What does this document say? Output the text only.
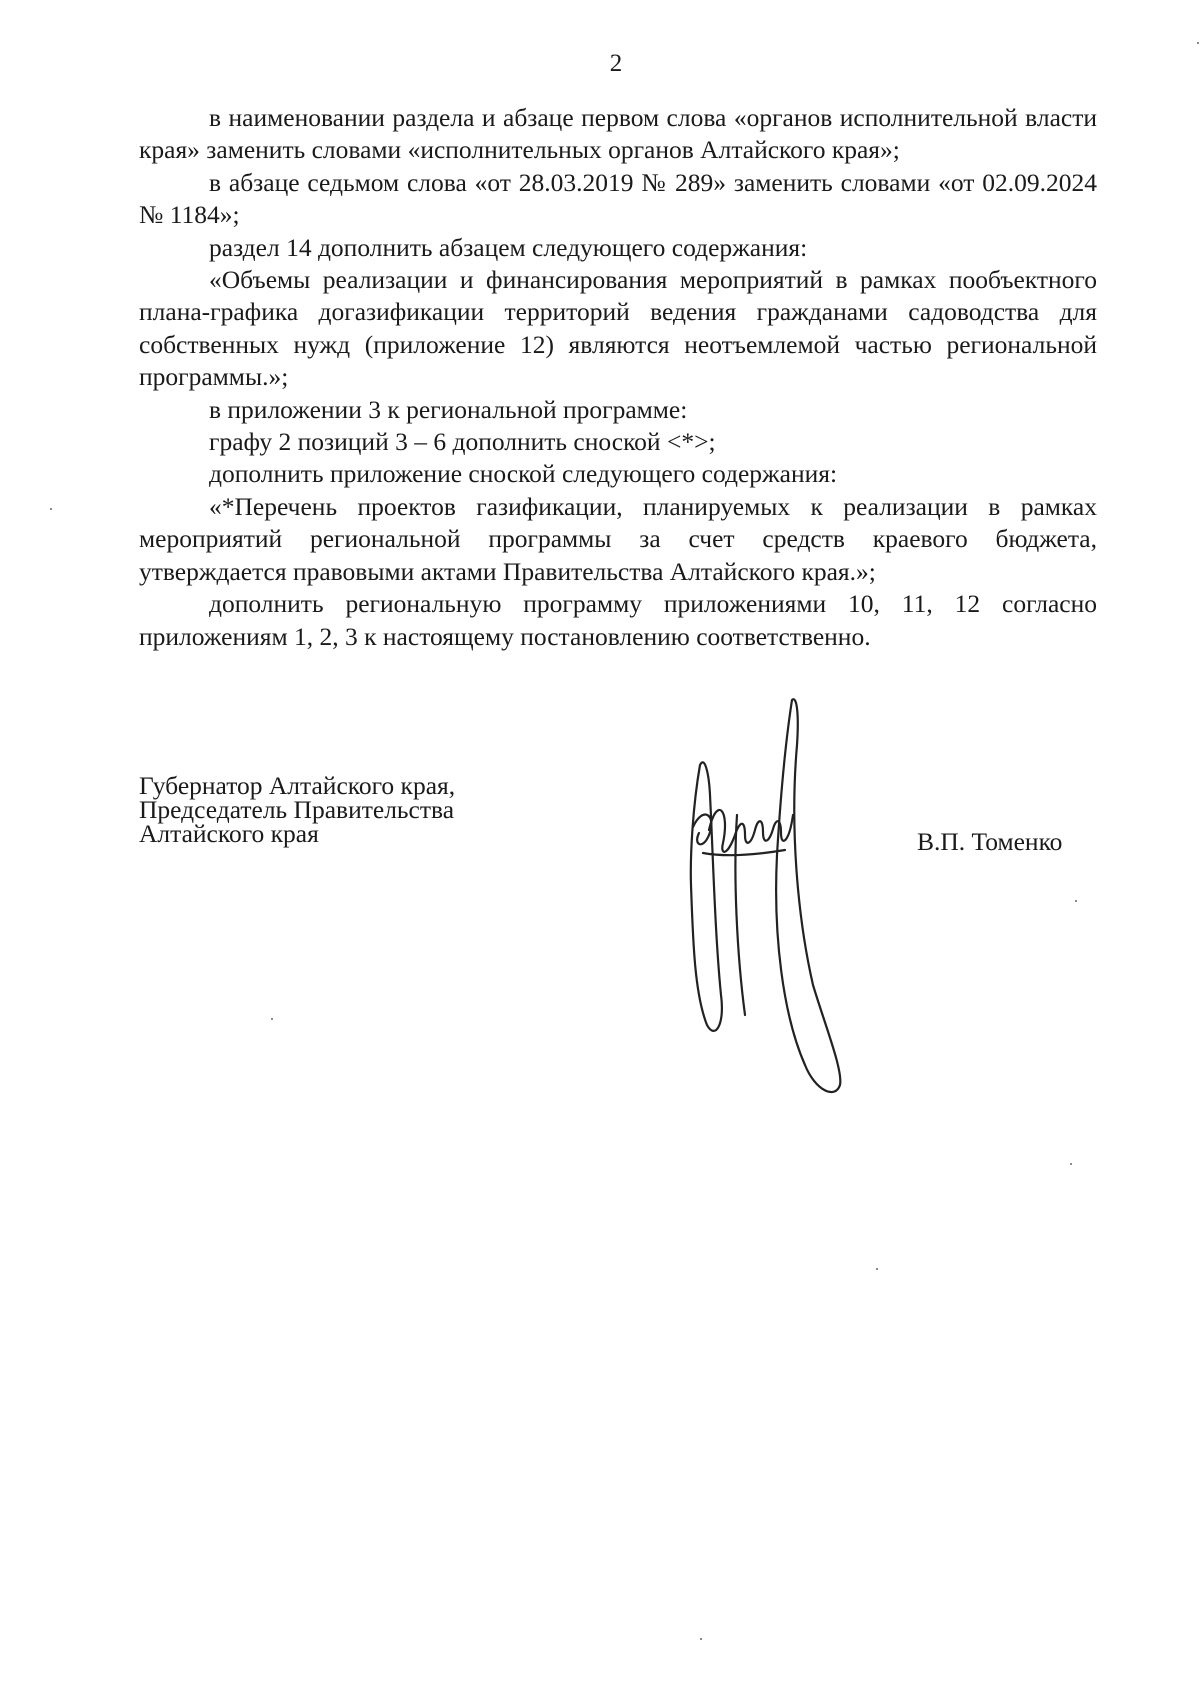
2

в наименовании раздела и абзаце первом слова «органов исполнительной власти края» заменить словами «исполнительных органов Алтайского края»;

в абзаце седьмом слова «от 28.03.2019 № 289» заменить словами «от 02.09.2024 № 1184»;

раздел 14 дополнить абзацем следующего содержания:

«Объемы реализации и финансирования мероприятий в рамках пообъектного плана-графика догазификации территорий ведения гражданами садоводства для собственных нужд (приложение 12) являются неотъемлемой частью региональной программы.»;

в приложении 3 к региональной программе:

графу 2 позиций 3 – 6 дополнить сноской <*>;

дополнить приложение сноской следующего содержания:

«*Перечень проектов газификации, планируемых к реализации в рамках мероприятий региональной программы за счет средств краевого бюджета, утверждается правовыми актами Правительства Алтайского края.»;

дополнить региональную программу приложениями 10, 11, 12 согласно приложениям 1, 2, 3 к настоящему постановлению соответственно.

Губернатор Алтайского края,
Председатель Правительства
Алтайского края	В.П. Томенко
